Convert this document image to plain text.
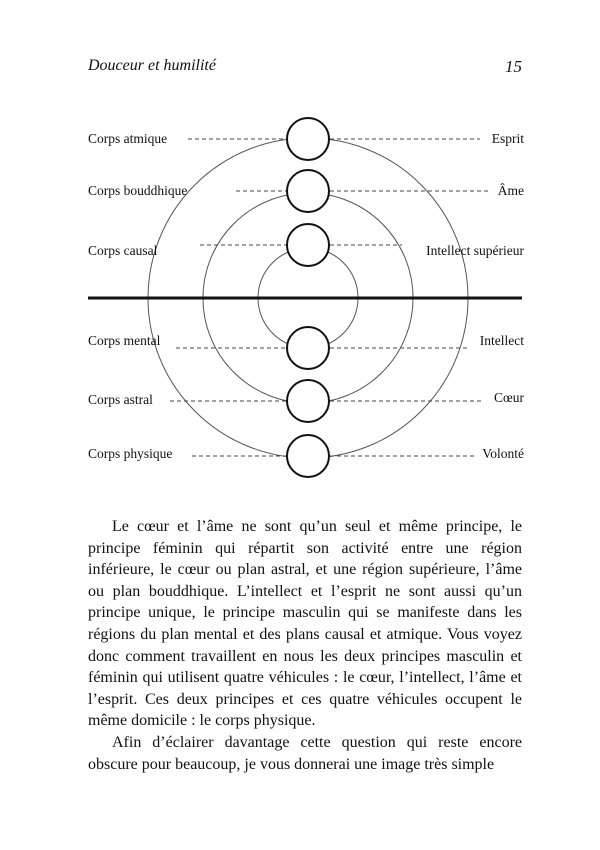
Douceur et humilité	15
Corps atmique	Esprit
Corps bouddhique	Âme
Corps causal	Intellect supérieur
Corps mental	Intellect
Corps astral	Cœur
Corps physique	Volonté

Le cœur et l’âme ne sont qu’un seul et même principe, le principe féminin qui répartit son activité entre une région inférieure, le cœur ou plan astral, et une région supérieure, l’âme ou plan bouddhique. L’intellect et l’esprit ne sont aussi qu’un principe unique, le principe masculin qui se manifeste dans les régions du plan mental et des plans causal et atmique. Vous voyez donc comment travaillent en nous les deux principes masculin et féminin qui utilisent quatre véhicules : le cœur, l’intellect, l’âme et l’esprit. Ces deux principes et ces quatre véhicules occupent le même domicile : le corps physique.

Afin d’éclairer davantage cette question qui reste encore obscure pour beaucoup, je vous donnerai une image très simple
